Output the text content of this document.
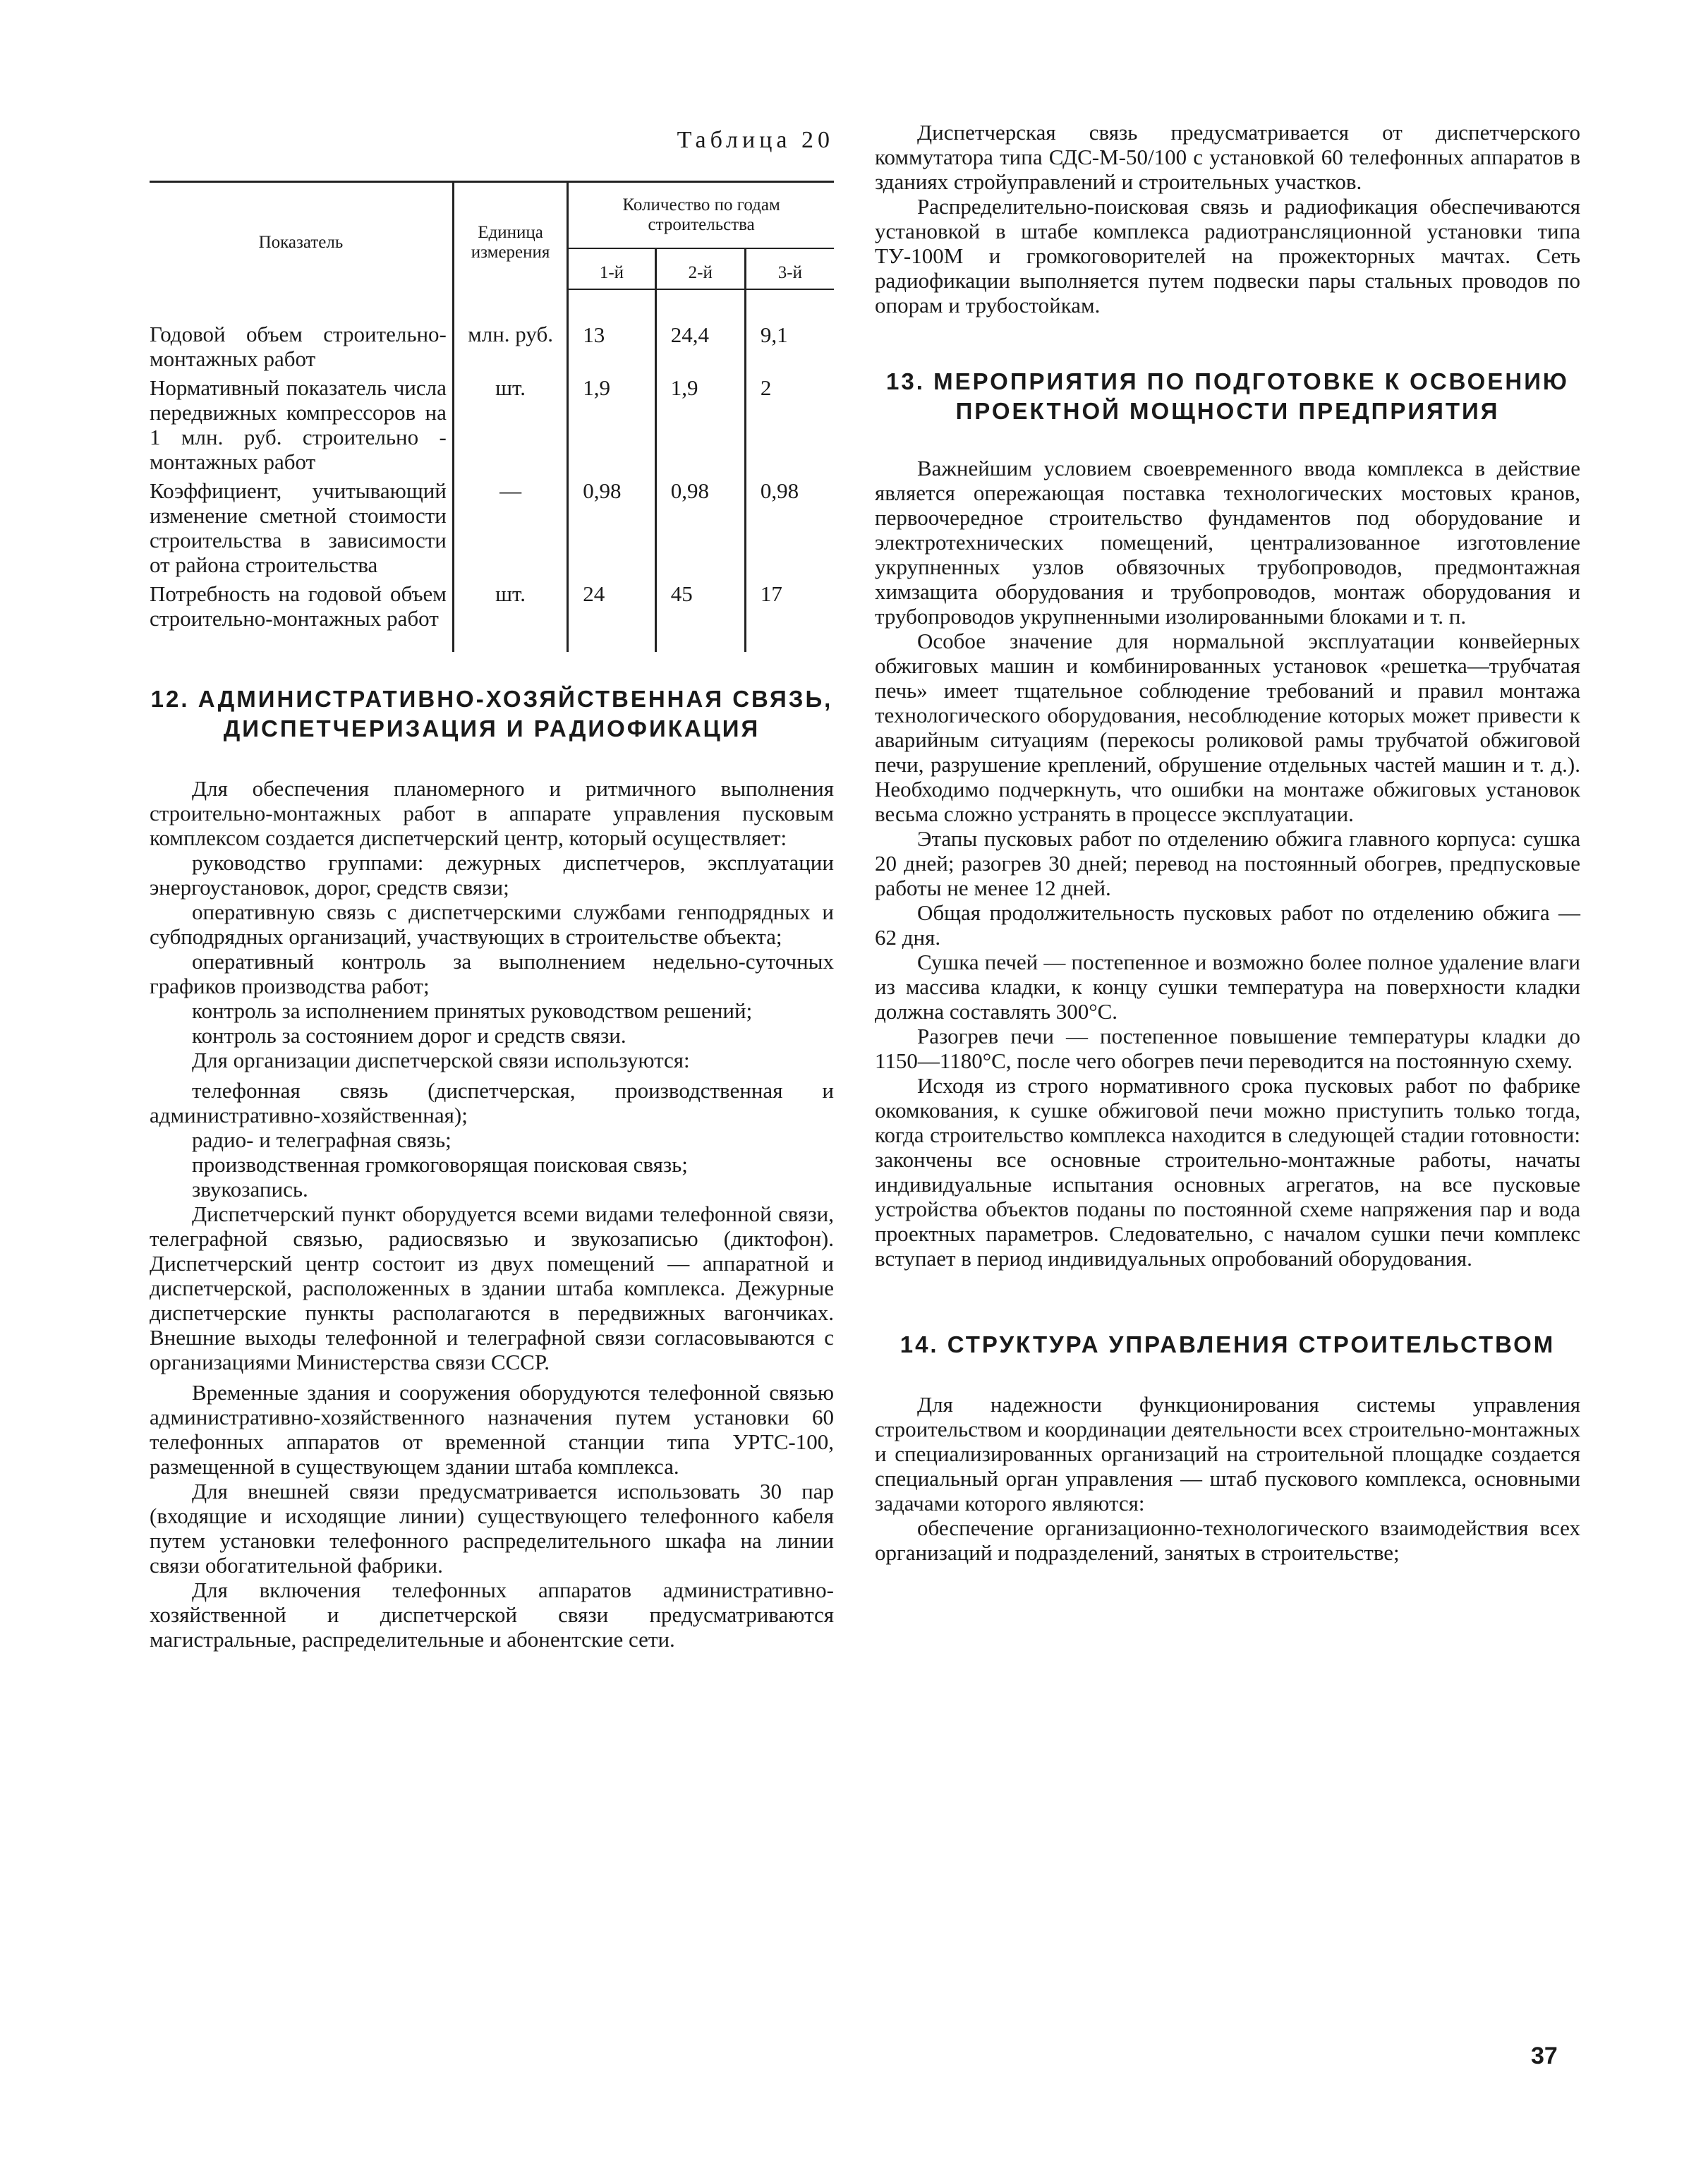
Таблица 20
Показатель	Единица измерения	Количество по годам строительства		
		1-й	2-й	3-й
Годовой объем строительно-монтажных работ	млн. руб.	13	24,4	9,1
Нормативный показатель числа передвижных компрессоров на 1 млн. руб. строительно - монтажных работ	шт.	1,9	1,9	2
Коэффициент, учитывающий изменение сметной стоимости строительства в зависимости от района строительства	—	0,98	0,98	0,98
Потребность на годовой объем строительно-монтажных работ	шт.	24	45	17
12. АДМИНИСТРАТИВНО-ХОЗЯЙСТВЕННАЯ СВЯЗЬ, ДИСПЕТЧЕРИЗАЦИЯ И РАДИОФИКАЦИЯ

Для обеспечения планомерного и ритмичного выполнения строительно-монтажных работ в аппарате управления пусковым комплексом создается диспетчерский центр, который осуществляет:

руководство группами: дежурных диспетчеров, эксплуатации энергоустановок, дорог, средств связи;

оперативную связь с диспетчерскими службами генподрядных и субподрядных организаций, участвующих в строительстве объекта;

оперативный контроль за выполнением недельно-суточных графиков производства работ;

контроль за исполнением принятых руководством решений;

контроль за состоянием дорог и средств связи.

Для организации диспетчерской связи используются:

телефонная связь (диспетчерская, производственная и административно-хозяйственная);

радио- и телеграфная связь;

производственная громкоговорящая поисковая связь;

звукозапись.

Диспетчерский пункт оборудуется всеми видами телефонной связи, телеграфной связью, радиосвязью и звукозаписью (диктофон). Диспетчерский центр состоит из двух помещений — аппаратной и диспетчерской, расположенных в здании штаба комплекса. Дежурные диспетчерские пункты располагаются в передвижных вагончиках. Внешние выходы телефонной и телеграфной связи согласовываются с организациями Министерства связи СССР.

Временные здания и сооружения оборудуются телефонной связью административно-хозяйственного назначения путем установки 60 телефонных аппаратов от временной станции типа УРТС-100, размещенной в существующем здании штаба комплекса.

Для внешней связи предусматривается использовать 30 пар (входящие и исходящие линии) существующего телефонного кабеля путем установки телефонного распределительного шкафа на линии связи обогатительной фабрики.

Для включения телефонных аппаратов административно-хозяйственной и диспетчерской связи предусматриваются магистральные, распределительные и абонентские сети.

Диспетчерская связь предусматривается от диспетчерского коммутатора типа СДС-М-50/100 с установкой 60 телефонных аппаратов в зданиях стройуправлений и строительных участков.

Распределительно-поисковая связь и радиофикация обеспечиваются установкой в штабе комплекса радиотрансляционной установки типа ТУ-100М и громкоговорителей на прожекторных мачтах. Сеть радиофикации выполняется путем подвески пары стальных проводов по опорам и трубостойкам.

13. МЕРОПРИЯТИЯ ПО ПОДГОТОВКЕ К ОСВОЕНИЮ ПРОЕКТНОЙ МОЩНОСТИ ПРЕДПРИЯТИЯ

Важнейшим условием своевременного ввода комплекса в действие является опережающая поставка технологических мостовых кранов, первоочередное строительство фундаментов под оборудование и электротехнических помещений, централизованное изготовление укрупненных узлов обвязочных трубопроводов, предмонтажная химзащита оборудования и трубопроводов, монтаж оборудования и трубопроводов укрупненными изолированными блоками и т. п.

Особое значение для нормальной эксплуатации конвейерных обжиговых машин и комбинированных установок «решетка—трубчатая печь» имеет тщательное соблюдение требований и правил монтажа технологического оборудования, несоблюдение которых может привести к аварийным ситуациям (перекосы роликовой рамы трубчатой обжиговой печи, разрушение креплений, обрушение отдельных частей машин и т. д.). Необходимо подчеркнуть, что ошибки на монтаже обжиговых установок весьма сложно устранять в процессе эксплуатации.

Этапы пусковых работ по отделению обжига главного корпуса: сушка 20 дней; разогрев 30 дней; перевод на постоянный обогрев, предпусковые работы не менее 12 дней.

Общая продолжительность пусковых работ по отделению обжига — 62 дня.

Сушка печей — постепенное и возможно более полное удаление влаги из массива кладки, к концу сушки температура на поверхности кладки должна составлять 300°С.

Разогрев печи — постепенное повышение температуры кладки до 1150—1180°С, после чего обогрев печи переводится на постоянную схему.

Исходя из строго нормативного срока пусковых работ по фабрике окомкования, к сушке обжиговой печи можно приступить только тогда, когда строительство комплекса находится в следующей стадии готовности: закончены все основные строительно-монтажные работы, начаты индивидуальные испытания основных агрегатов, на все пусковые устройства объектов поданы по постоянной схеме напряжения пар и вода проектных параметров. Следовательно, с началом сушки печи комплекс вступает в период индивидуальных опробований оборудования.

14. СТРУКТУРА УПРАВЛЕНИЯ СТРОИТЕЛЬСТВОМ

Для надежности функционирования системы управления строительством и координации деятельности всех строительно-монтажных и специализированных организаций на строительной площадке создается специальный орган управления — штаб пускового комплекса, основными задачами которого являются:

обеспечение организационно-технологического взаимодействия всех организаций и подразделений, занятых в строительстве;

37
